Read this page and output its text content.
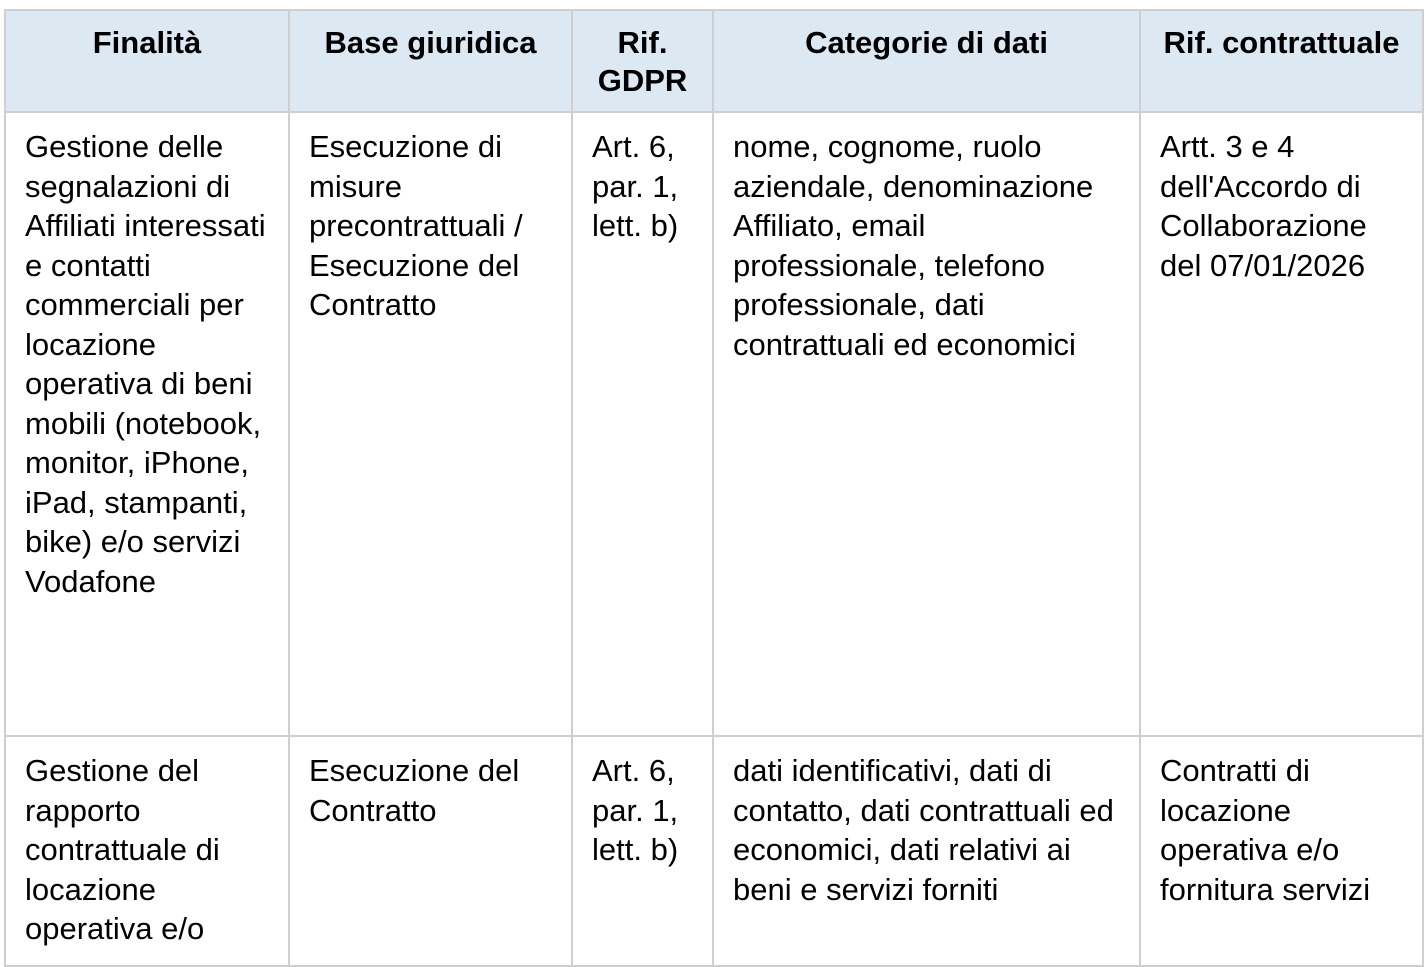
Finalità	Base giuridica	Rif. GDPR	Categorie di dati	Rif. contrattuale

Gestione delle segnalazioni di Affiliati interessati e contatti commerciali per locazione operativa di beni mobili (notebook, monitor, iPhone, iPad, stampanti, bike) e/o servizi Vodafone	Esecuzione di misure precontrattuali / Esecuzione del Contratto	Art. 6, par. 1, lett. b)	nome, cognome, ruolo aziendale, denominazione Affiliato, email professionale, telefono professionale, dati contrattuali ed economici	Artt. 3 e 4 dell'Accordo di Collaborazione del 07/01/2026

Gestione del rapporto contrattuale di locazione operativa e/o	Esecuzione del Contratto	Art. 6, par. 1, lett. b)	dati identificativi, dati di contatto, dati contrattuali ed economici, dati relativi ai beni e servizi forniti	Contratti di locazione operativa e/o fornitura servizi
